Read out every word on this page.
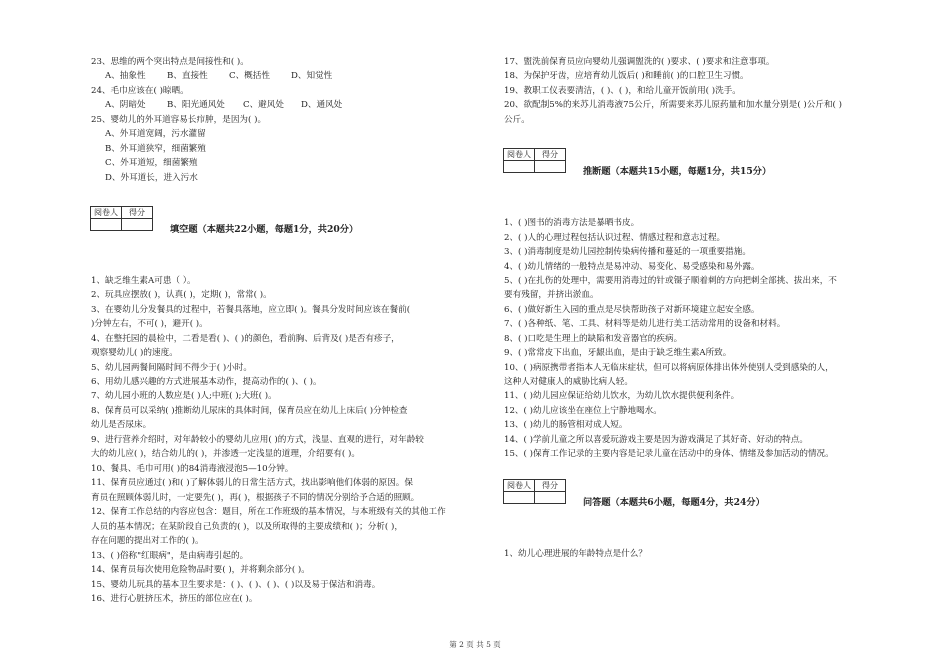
23、思维的两个突出特点是间接性和( )。
A、抽象性 B、直接性 C、概括性 D、知觉性
24、毛巾应该在( )晾晒。
A、阴暗处 B、阳光通风处 C、避风处 D、通风处
25、婴幼儿的外耳道容易长疖肿，是因为( )。
A、外耳道宽阔，污水灌留
B、外耳道狭窄，细菌繁殖
C、外耳道短，细菌繁殖
D、外耳道长，进入污水
阅卷人	得分

填空题（本题共22小题，每题1分，共20分）
1、缺乏维生素A可患（ ）。
2、玩具应摆放( )，认真( )，定期( )，常常( )。
3、在婴幼儿分发餐具的过程中，若餐具落地，应立即( )。餐具分发时间应该在餐前(
)分钟左右，不可( )，避开( )。
4、在整托园的晨检中，二看是看( )、( )的颜色，看前胸、后背及( )是否有疹子，
观察婴幼儿( )的速度。
5、幼儿园两餐间隔时间不得少于( )小时。
6、用幼儿感兴趣的方式进展基本动作，提高动作的( )、( )。
7、幼儿园小班的人数应是( )人;中班( );大班( )。
8、保育员可以采纳( )推断幼儿尿床的具体时间，保育员应在幼儿上床后( )分钟检查
幼儿是否尿床。
9、进行营养介绍时，对年龄较小的婴幼儿应用( )的方式，浅显、直观的进行，对年龄较
大的幼儿应( )，结合幼儿的( )，并渗透一定浅显的道理，介绍要有( )。
10、餐具、毛巾可用( )的84消毒液浸泡5—10分钟。
11、保育员应通过( )和( )了解体弱儿的日常生活方式，找出影响他们体弱的原因。保
育员在照顾体弱儿时，一定要先( )，再( )，根据孩子不同的情况分别给予合适的照顾。
12、保育工作总结的内容应包含：题目，所在工作班级的基本情况，与本班级有关的其他工作
人员的基本情况；在某阶段自己负责的( )，以及所取得的主要成绩和( )；分析( )，
存在问题的提出对工作的( )。
13、( )俗称"红眼病"，是由病毒引起的。
14、保育员每次使用危险物品时要( )，并将剩余部分( )。
15、婴幼儿玩具的基本卫生要求是：( )、( )、( )、( )以及易于保洁和消毒。
16、进行心脏挤压术，挤压的部位应在( )。
17、盥洗前保育员应向婴幼儿强调盥洗的( )要求、( )要求和注意事项。
18、为保护牙齿，应培育幼儿饭后( )和睡前( )的口腔卫生习惯。
19、教职工仪表要清洁，( )、( )，和给儿童开饭前用( )洗手。
20、欲配制5%的来苏儿消毒液75公斤，所需要来苏儿原药量和加水量分别是( )公斤和( )
公斤。
阅卷人	得分

推断题（本题共15小题，每题1分，共15分）
1、( )图书的消毒方法是暴晒书皮。
2、( )人的心理过程包括认识过程、情感过程和意志过程。
3、( )消毒制度是幼儿园控制传染病传播和蔓延的一项重要措施。
4、( )幼儿情绪的一般特点是易冲动、易变化、易受感染和易外露。
5、( )在扎伤的处理中，需要用消毒过的针或镊子顺着刺的方向把刺全部挑、拔出来，不
要有残留，并挤出淤血。
6、( )做好新生入园的重点是尽快帮助孩子对新环境建立起安全感。
7、( )各种纸、笔、工具、材料等是幼儿进行美工活动常用的设备和材料。
8、( )口吃是生理上的缺陷和发音器官的疾病。
9、( )常常皮下出血，牙龈出血，是由于缺乏维生素A所致。
10、( )病原携带者指本人无临床症状，但可以将病原体排出体外使别人受到感染的人，
这种人对健康人的威胁比病人轻。
11、( )幼儿园应保证给幼儿饮水，为幼儿饮水提供便利条件。
12、( )幼儿应该坐在座位上宁静地喝水。
13、( )幼儿的肠管相对成人短。
14、( )学前儿童之所以喜爱玩游戏主要是因为游戏满足了其好奇、好动的特点。
15、( )保育工作记录的主要内容是记录儿童在活动中的身体、情绪及参加活动的情况。
阅卷人	得分

问答题（本题共6小题，每题4分，共24分）
1、幼儿心理进展的年龄特点是什么？
第 2 页 共 5 页
